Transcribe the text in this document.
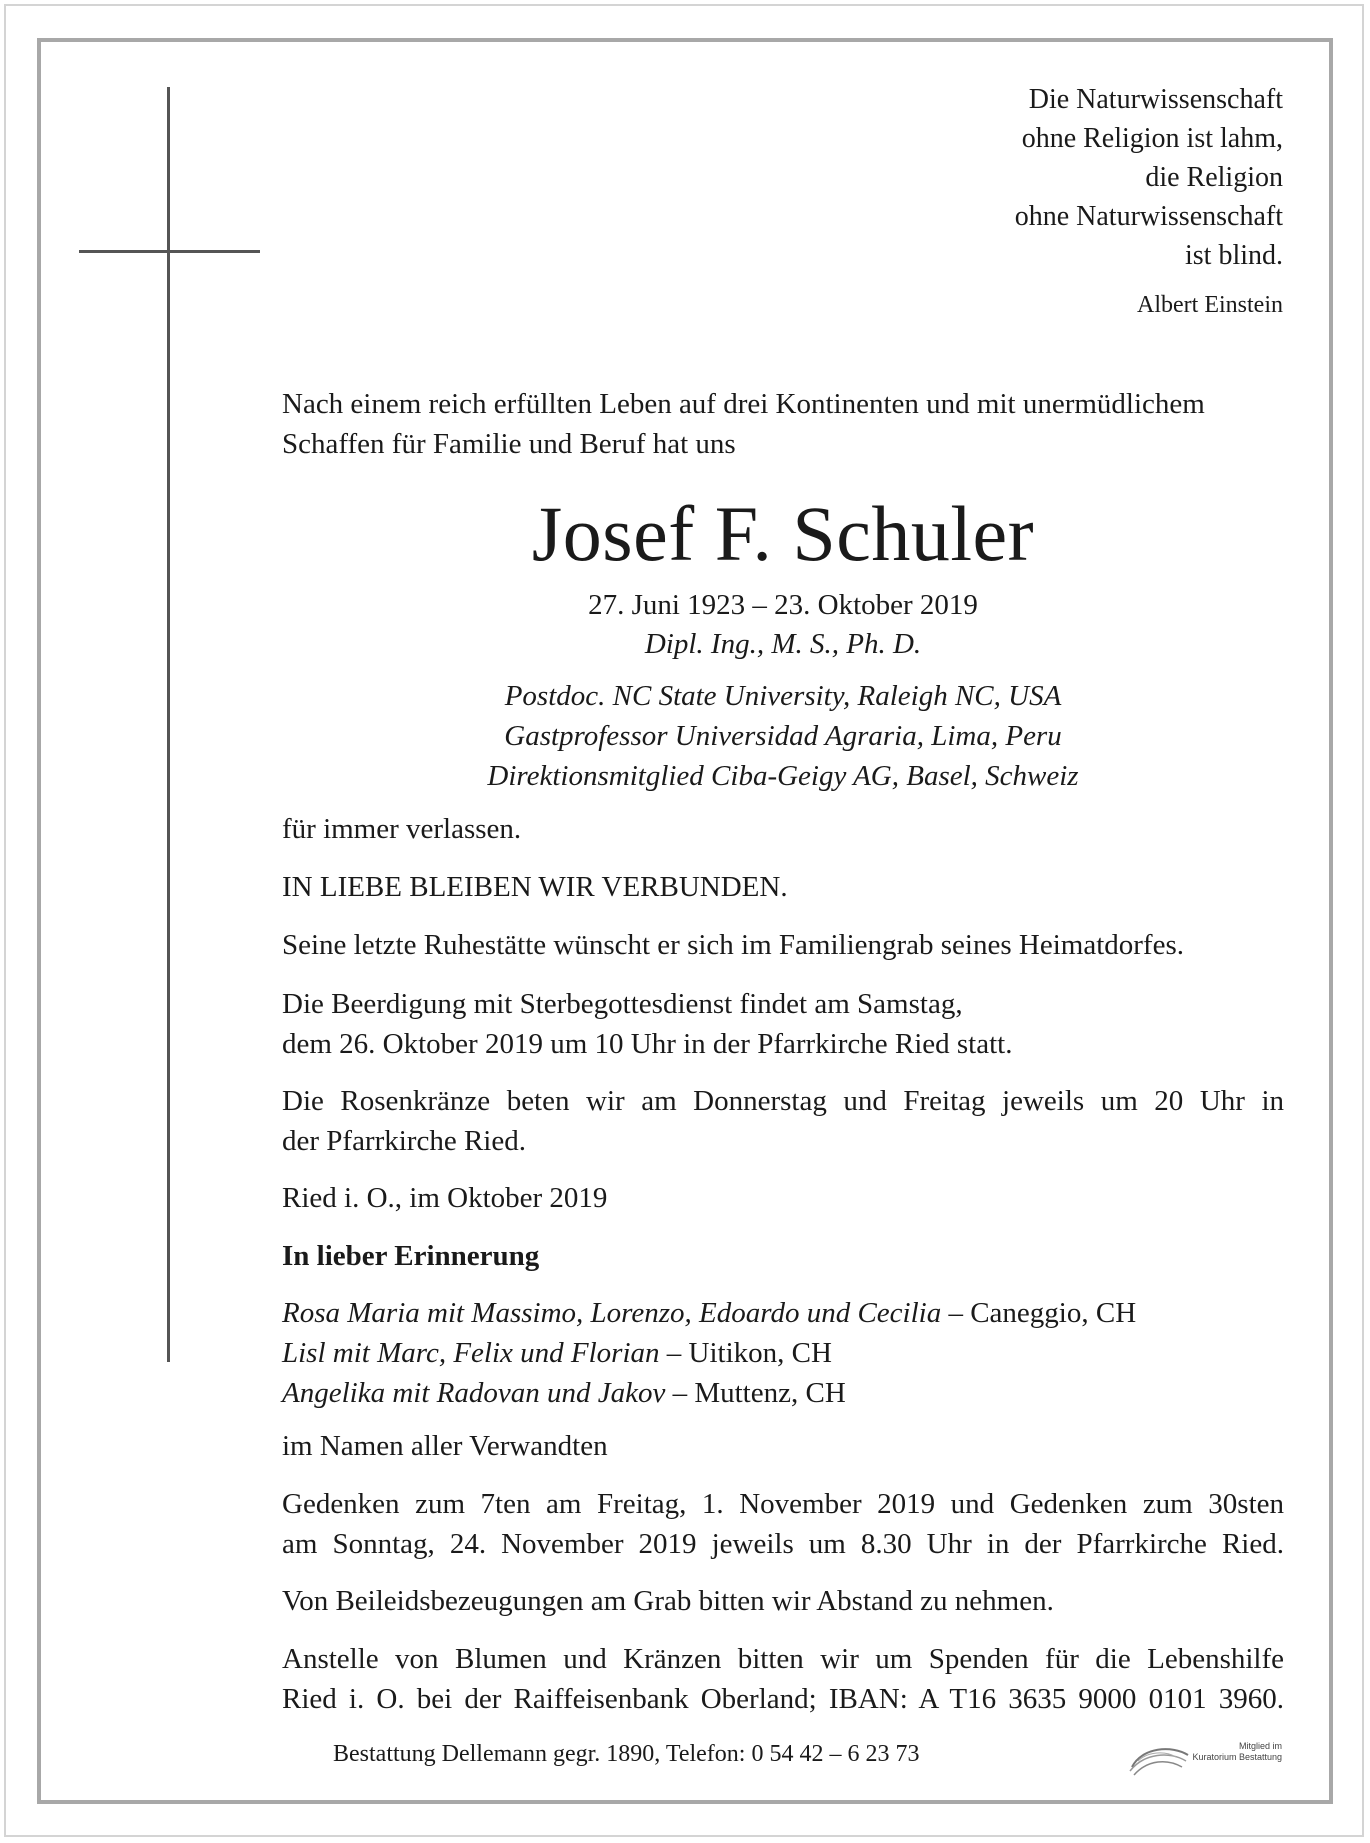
Die Naturwissenschaft
ohne Religion ist lahm,
die Religion
ohne Naturwissenschaft
ist blind.
Albert Einstein
Nach einem reich erfüllten Leben auf drei Kontinenten und mit unermüdlichem
Schaffen für Familie und Beruf hat uns
Josef F. Schuler
27. Juni 1923 – 23. Oktober 2019
Dipl. Ing., M. S., Ph. D.
Postdoc. NC State University, Raleigh NC, USA
Gastprofessor Universidad Agraria, Lima, Peru
Direktionsmitglied Ciba-Geigy AG, Basel, Schweiz
für immer verlassen.
IN LIEBE BLEIBEN WIR VERBUNDEN.
Seine letzte Ruhestätte wünscht er sich im Familiengrab seines Heimatdorfes.
Die Beerdigung mit Sterbegottesdienst findet am Samstag,
dem 26. Oktober 2019 um 10 Uhr in der Pfarrkirche Ried statt.
Die Rosenkränze beten wir am Donnerstag und Freitag jeweils um 20 Uhr in
der Pfarrkirche Ried.
Ried i. O., im Oktober 2019
In lieber Erinnerung
Rosa Maria mit Massimo, Lorenzo, Edoardo und Cecilia – Caneggio, CH
Lisl mit Marc, Felix und Florian – Uitikon, CH
Angelika mit Radovan und Jakov – Muttenz, CH
im Namen aller Verwandten
Gedenken zum 7ten am Freitag, 1. November 2019 und Gedenken zum 30sten
am Sonntag, 24. November 2019 jeweils um 8.30 Uhr in der Pfarrkirche Ried.
Von Beileidsbezeugungen am Grab bitten wir Abstand zu nehmen.
Anstelle von Blumen und Kränzen bitten wir um Spenden für die Lebenshilfe
Ried i. O. bei der Raiffeisenbank Oberland; IBAN: A T16 3635 9000 0101 3960.
Bestattung Dellemann gegr. 1890, Telefon: 0 54 42 – 6 23 73	Mitglied im
Kuratorium Bestattung
